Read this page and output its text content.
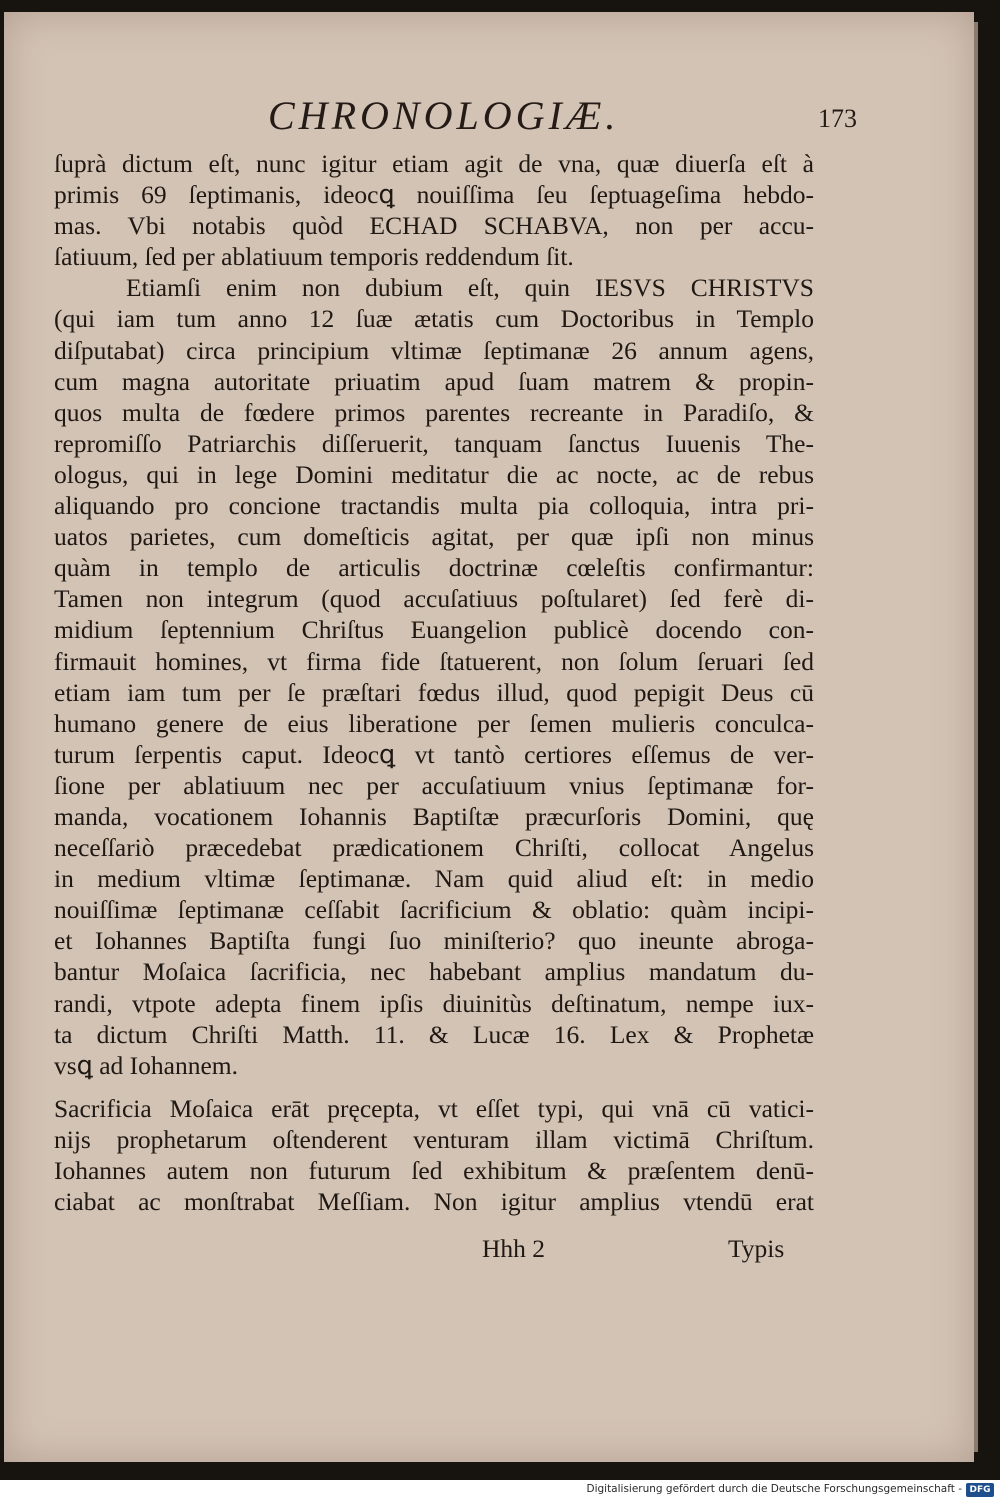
CHRONOLOGIÆ.	173
ſuprà dictum eſt, nunc igitur etiam agit de vna, quæ diuerſa eſt à
primis 69 ſeptimanis, ideocꝗ nouiſſima ſeu ſeptuageſima hebdo-
mas. Vbi notabis quòd ECHAD SCHABVA, non per accu-
ſatiuum, ſed per ablatiuum temporis reddendum ſit.
Etiamſi enim non dubium eſt, quin IESVS CHRISTVS
(qui iam tum anno 12 ſuæ ætatis cum Doctoribus in Templo
diſputabat) circa principium vltimæ ſeptimanæ 26 annum agens,
cum magna autoritate priuatim apud ſuam matrem & propin-
quos multa de fœdere primos parentes recreante in Paradiſo, &
repromiſſo Patriarchis diſſeruerit, tanquam ſanctus Iuuenis The-
ologus, qui in lege Domini meditatur die ac nocte, ac de rebus
aliquando pro concione tractandis multa pia colloquia, intra pri-
uatos parietes, cum domeſticis agitat, per quæ ipſi non minus
quàm in templo de articulis doctrinæ cœleſtis confirmantur:
Tamen non integrum (quod accuſatiuus poſtularet) ſed ferè di-
midium ſeptennium Chriſtus Euangelion publicè docendo con-
firmauit homines, vt firma fide ſtatuerent, non ſolum ſeruari ſed
etiam iam tum per ſe præſtari fœdus illud, quod pepigit Deus cū
humano genere de eius liberatione per ſemen mulieris conculca-
turum ſerpentis caput. Ideocꝗ vt tantò certiores eſſemus de ver-
ſione per ablatiuum nec per accuſatiuum vnius ſeptimanæ for-
manda, vocationem Iohannis Baptiſtæ præcurſoris Domini, quę
neceſſariò præcedebat prædicationem Chriſti, collocat Angelus
in medium vltimæ ſeptimanæ. Nam quid aliud eſt: in medio
nouiſſimæ ſeptimanæ ceſſabit ſacrificium & oblatio: quàm incipi-
et Iohannes Baptiſta fungi ſuo miniſterio? quo ineunte abroga-
bantur Moſaica ſacrificia, nec habebant amplius mandatum du-
randi, vtpote adepta finem ipſis diuinitùs deſtinatum, nempe iux-
ta dictum Chriſti Matth. 11. & Lucæ 16. Lex & Prophetæ
vsꝗ ad Iohannem.
Sacrificia Moſaica erāt pręcepta, vt eſſet typi, qui vnā cū vatici-
nijs prophetarum oſtenderent venturam illam victimā Chriſtum.
Iohannes autem non futurum ſed exhibitum & præſentem denū-
ciabat ac monſtrabat Meſſiam. Non igitur amplius vtendū erat
Hhh 2	Typis
Digitalisierung gefördert durch die Deutsche Forschungsgemeinschaft - DFG
